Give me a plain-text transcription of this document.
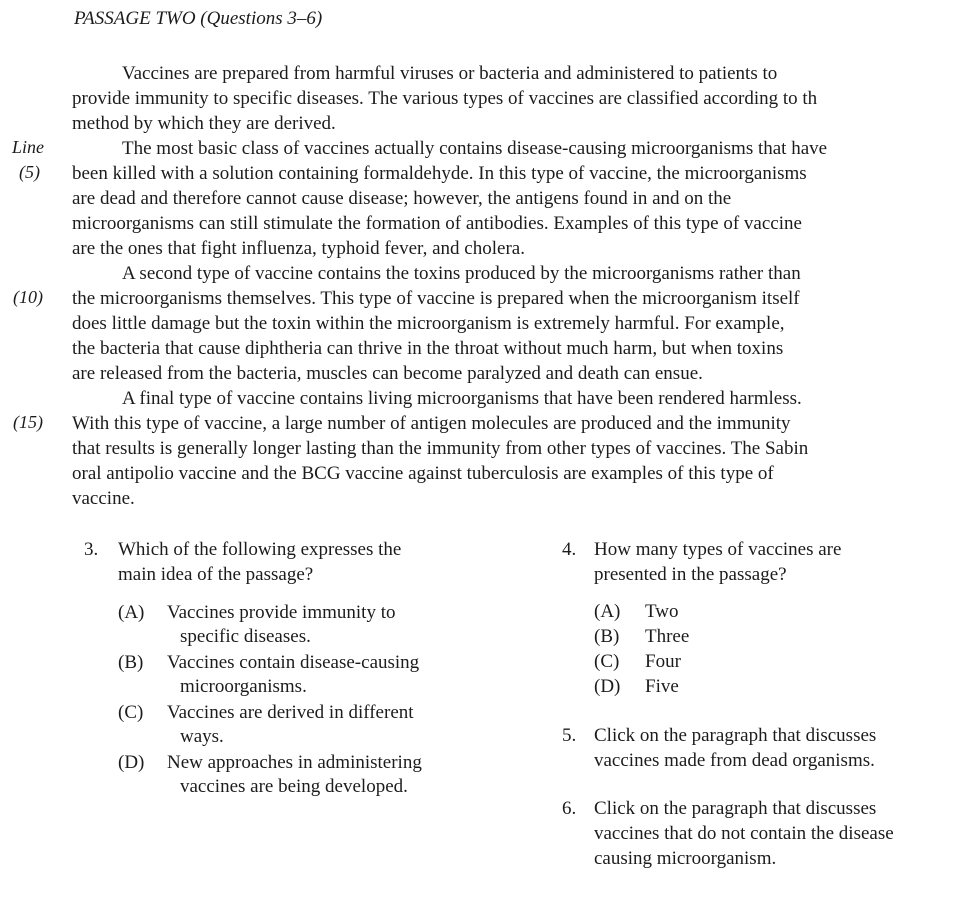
PASSAGE TWO (Questions 3–6)
Line
(5)
(10)
(15)
Vaccines are prepared from harmful viruses or bacteria and administered to patients to
provide immunity to specific diseases. The various types of vaccines are classified according to th
method by which they are derived.
The most basic class of vaccines actually contains disease-causing microorganisms that have
been killed with a solution containing formaldehyde. In this type of vaccine, the microorganisms
are dead and therefore cannot cause disease; however, the antigens found in and on the
microorganisms can still stimulate the formation of antibodies. Examples of this type of vaccine
are the ones that fight influenza, typhoid fever, and cholera.
A second type of vaccine contains the toxins produced by the microorganisms rather than
the microorganisms themselves. This type of vaccine is prepared when the microorganism itself
does little damage but the toxin within the microorganism is extremely harmful. For example,
the bacteria that cause diphtheria can thrive in the throat without much harm, but when toxins
are released from the bacteria, muscles can become paralyzed and death can ensue.
A final type of vaccine contains living microorganisms that have been rendered harmless.
With this type of vaccine, a large number of antigen molecules are produced and the immunity
that results is generally longer lasting than the immunity from other types of vaccines. The Sabin
oral antipolio vaccine and the BCG vaccine against tuberculosis are examples of this type of
vaccine.
3. Which of the following expresses the
main idea of the passage?
(A) Vaccines provide immunity to
specific diseases.
(B) Vaccines contain disease-causing
microorganisms.
(C) Vaccines are derived in different
ways.
(D) New approaches in administering
vaccines are being developed.
4. How many types of vaccines are
presented in the passage?
(A) Two
(B) Three
(C) Four
(D) Five
5. Click on the paragraph that discusses
vaccines made from dead organisms.
6. Click on the paragraph that discusses
vaccines that do not contain the disease
causing microorganism.
